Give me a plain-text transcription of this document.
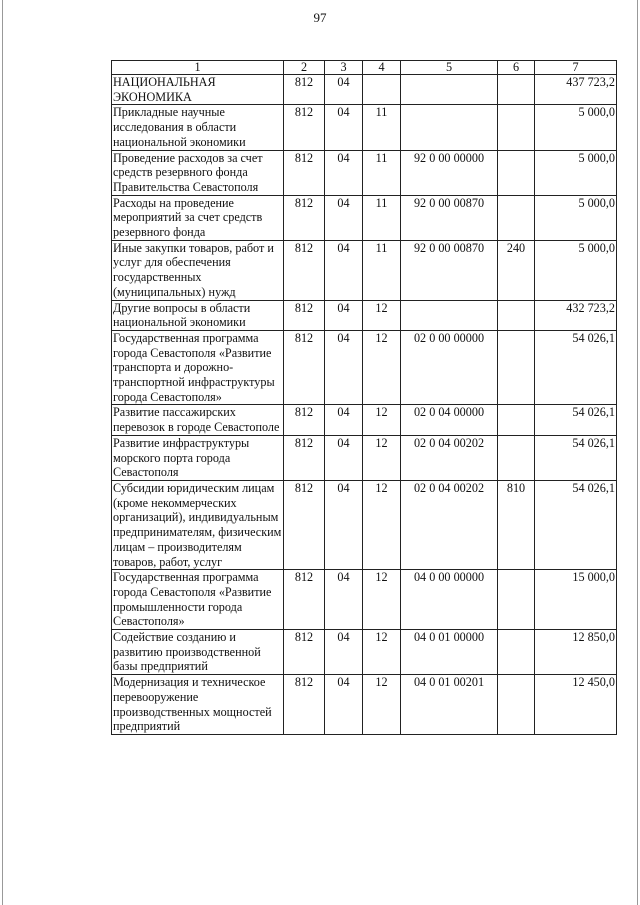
97
1	2	3	4	5	6	7
НАЦИОНАЛЬНАЯ ЭКОНОМИКА	812	04				437 723,2
Прикладные научные исследования в области национальной экономики	812	04	11			5 000,0
Проведение расходов за счет средств резервного фонда Правительства Севастополя	812	04	11	92 0 00 00000		5 000,0
Расходы на проведение мероприятий за счет средств резервного фонда	812	04	11	92 0 00 00870		5 000,0
Иные закупки товаров, работ и услуг для обеспечения государственных (муниципальных) нужд	812	04	11	92 0 00 00870	240	5 000,0
Другие вопросы в области национальной экономики	812	04	12			432 723,2
Государственная программа города Севастополя «Развитие транспорта и дорожно-транспортной инфраструктуры города Севастополя»	812	04	12	02 0 00 00000		54 026,1
Развитие пассажирских перевозок в городе Севастополе	812	04	12	02 0 04 00000		54 026,1
Развитие инфраструктуры морского порта города Севастополя	812	04	12	02 0 04 00202		54 026,1
Субсидии юридическим лицам (кроме некоммерческих организаций), индивидуальным предпринимателям, физическим лицам – производителям товаров, работ, услуг	812	04	12	02 0 04 00202	810	54 026,1
Государственная программа города Севастополя «Развитие промышленности города Севастополя»	812	04	12	04 0 00 00000		15 000,0
Содействие созданию и развитию производственной базы предприятий	812	04	12	04 0 01 00000		12 850,0
Модернизация и техническое перевооружение производственных мощностей предприятий	812	04	12	04 0 01 00201		12 450,0
